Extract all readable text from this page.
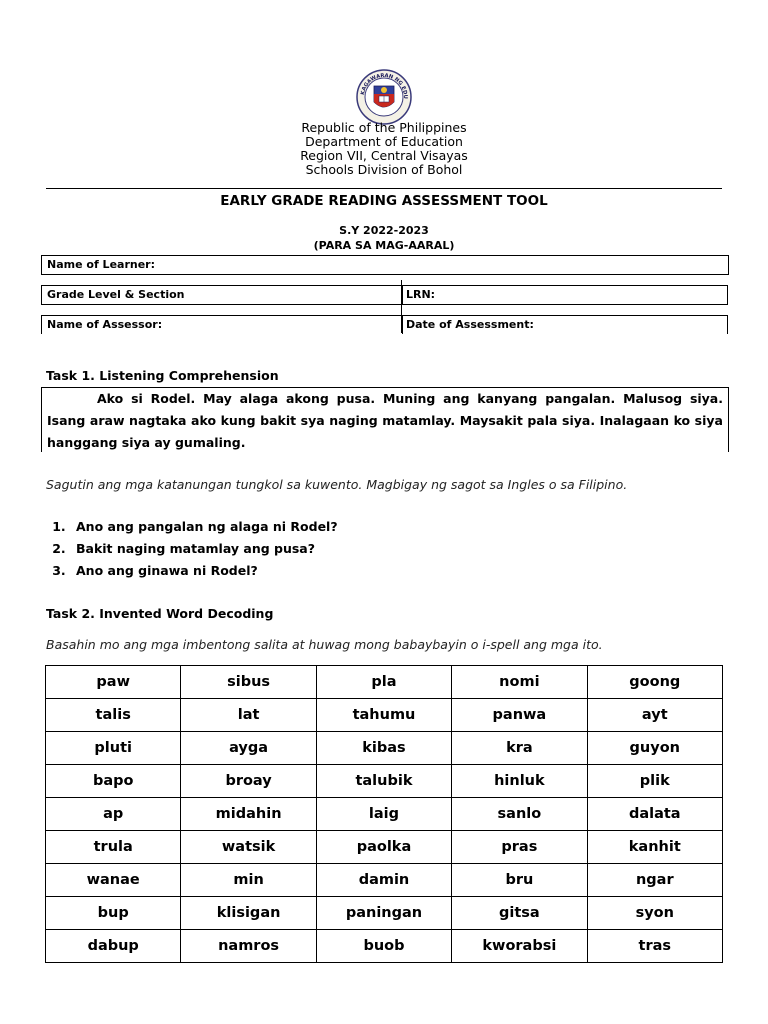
KAGAWARAN NG EDU
Republic of the Philippines
Department of Education
Region VII, Central Visayas
Schools Division of Bohol
EARLY GRADE READING ASSESSMENT TOOL
S.Y 2022-2023
(PARA SA MAG-AARAL)
Name of Learner:
Grade Level & Section	LRN:
Name of Assessor:	Date of Assessment:
Task 1. Listening Comprehension

Ako si Rodel. May alaga akong pusa. Muning ang kanyang pangalan. Malusog siya. Isang araw nagtaka ako kung bakit sya naging matamlay. Maysakit pala siya. Inalagaan ko siya hanggang siya ay gumaling.

Sagutin ang mga katanungan tungkol sa kuwento. Magbigay ng sagot sa Ingles o sa Filipino.
1. Ano ang pangalan ng alaga ni Rodel?
2. Bakit naging matamlay ang pusa?
3. Ano ang ginawa ni Rodel?
Task 2. Invented Word Decoding
Basahin mo ang mga imbentong salita at huwag mong babaybayin o i-spell ang mga ito.
paw	sibus	pla	nomi	goong
talis	lat	tahumu	panwa	ayt
pluti	ayga	kibas	kra	guyon
bapo	broay	talubik	hinluk	plik
ap	midahin	laig	sanlo	dalata
trula	watsik	paolka	pras	kanhit
wanae	min	damin	bru	ngar
bup	klisigan	paningan	gitsa	syon
dabup	namros	buob	kworabsi	tras
